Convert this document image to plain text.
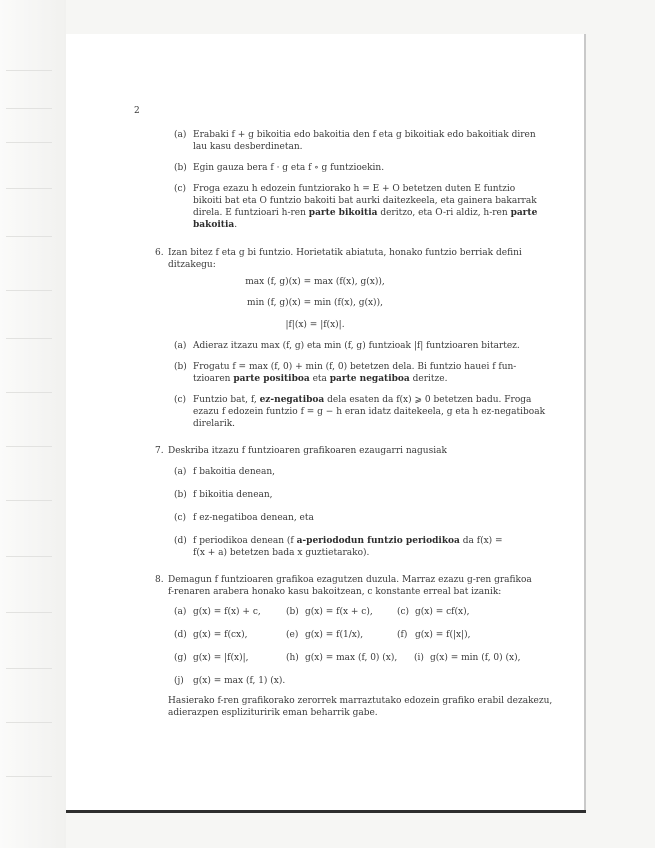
2
(a) Erabaki f + g bikoitia edo bakoitia den f eta g bikoitiak edo bakoitiak diren
lau kasu desberdinetan.
(b) Egin gauza bera f · g eta f ∘ g funtzioekin.
(c) Froga ezazu h edozein funtziorako h = E + O betetzen duten E funtzio
bikoiti bat eta O funtzio bakoiti bat aurki daitezkeela, eta gainera bakarrak
direla. E funtzioari h-ren parte bikoitia deritzo, eta O-ri aldiz, h-ren parte
bakoitia.
6. Izan bitez f eta g bi funtzio. Horietatik abiatuta, honako funtzio berriak defini
ditzakegu:
max (f, g)(x) = max (f(x), g(x)),
min (f, g)(x) = min (f(x), g(x)),
|f|(x) = |f(x)|.
(a) Adieraz itzazu max (f, g) eta min (f, g) funtzioak |f| funtzioaren bitartez.
(b) Frogatu f = max (f, 0) + min (f, 0) betetzen dela. Bi funtzio hauei f fun-
tzioaren parte positiboa eta parte negatiboa deritze.
(c) Funtzio bat, f, ez-negatiboa dela esaten da f(x) ⩾ 0 betetzen badu. Froga
ezazu f edozein funtzio f = g − h eran idatz daitekeela, g eta h ez-negatiboak
direlarik.
7. Deskriba itzazu f funtzioaren grafikoaren ezaugarri nagusiak
(a) f bakoitia denean,
(b) f bikoitia denean,
(c) f ez-negatiboa denean, eta
(d) f periodikoa denean (f a-periododun funtzio periodikoa da f(x) =
f(x + a) betetzen bada x guztietarako).
8. Demagun f funtzioaren grafikoa ezagutzen duzula. Marraz ezazu g-ren grafikoa
f-renaren arabera honako kasu bakoitzean, c konstante erreal bat izanik:
(a) g(x) = f(x) + c,	(b) g(x) = f(x + c),	(c) g(x) = cf(x),
(d) g(x) = f(cx),	(e) g(x) = f(1/x),	(f) g(x) = f(|x|),
(g) g(x) = |f(x)|,	(h) g(x) = max (f, 0) (x), (i) g(x) = min (f, 0) (x),
(j) g(x) = max (f, 1) (x).
Hasierako f-ren grafikorako zerorrek marraztutako edozein grafiko erabil dezakezu,
adierazpen esplizituririk eman beharrik gabe.
